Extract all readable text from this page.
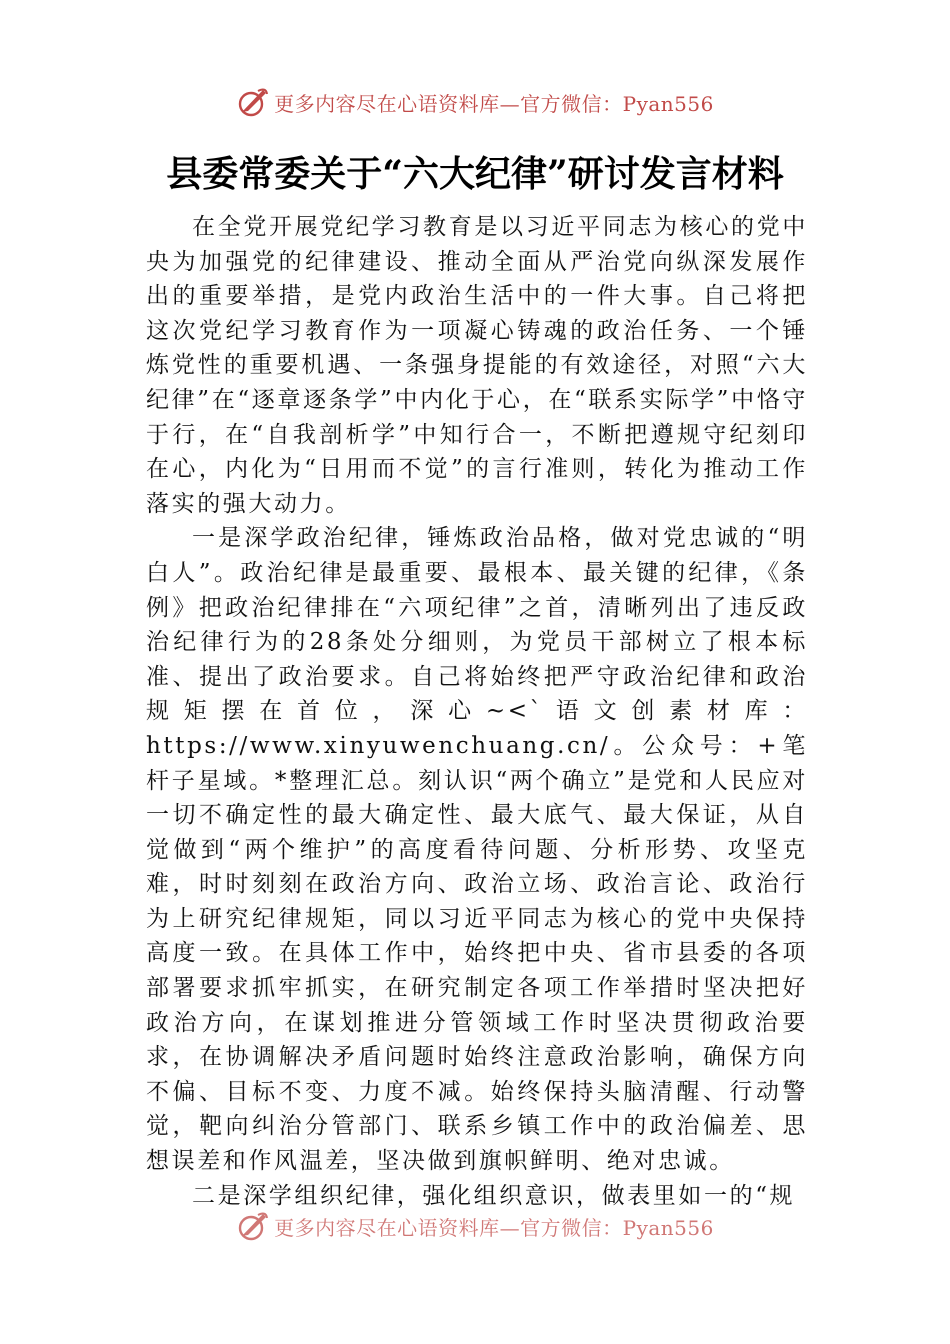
更多内容尽在心语资料库—官方微信：Pyan556
县委常委关于“六大纪律”研讨发言材料

在全党开展党纪学习教育是以习近平同志为核心的党中央为加强党的纪律建设、推动全面从严治党向纵深发展作出的重要举措，是党内政治生活中的一件大事。自己将把这次党纪学习教育作为一项凝心铸魂的政治任务、一个锤炼党性的重要机遇、一条强身提能的有效途径，对照“六大纪律”在“逐章逐条学”中内化于心，在“联系实际学”中恪守于行，在“自我剖析学”中知行合一，不断把遵规守纪刻印在心，内化为“日用而不觉”的言行准则，转化为推动工作落实的强大动力。

一是深学政治纪律，锤炼政治品格，做对党忠诚的“明白人”。政治纪律是最重要、最根本、最关键的纪律，《条例》把政治纪律排在“六项纪律”之首，清晰列出了违反政治纪律行为的28条处分细则，为党员干部树立了根本标准、提出了政治要求。自己将始终把严守政治纪律和政治规矩摆在首位，深心~<`语文创素材库：https://www.xinyuwenchuang.cn/。公众号：+笔杆子星域。*整理汇总。刻认识“两个确立”是党和人民应对一切不确定性的最大确定性、最大底气、最大保证，从自觉做到“两个维护”的高度看待问题、分析形势、攻坚克难，时时刻刻在政治方向、政治立场、政治言论、政治行为上研究纪律规矩，同以习近平同志为核心的党中央保持高度一致。在具体工作中，始终把中央、省市县委的各项部署要求抓牢抓实，在研究制定各项工作举措时坚决把好政治方向，在谋划推进分管领域工作时坚决贯彻政治要求，在协调解决矛盾问题时始终注意政治影响，确保方向不偏、目标不变、力度不减。始终保持头脑清醒、行动警觉，靶向纠治分管部门、联系乡镇工作中的政治偏差、思想误差和作风温差，坚决做到旗帜鲜明、绝对忠诚。

二是深学组织纪律，强化组织意识，做表里如一的“规

更多内容尽在心语资料库—官方微信：Pyan556
